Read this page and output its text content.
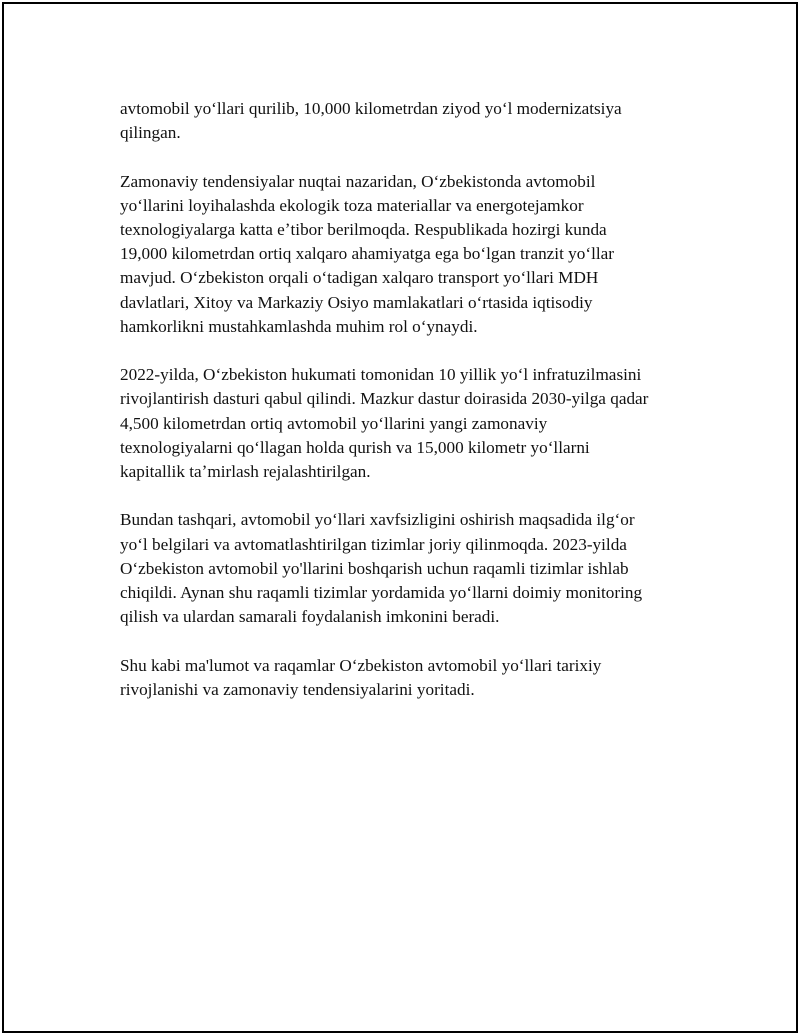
avtomobil yoʻllari qurilib, 10,000 kilometrdan ziyod yoʻl modernizatsiya
qilingan.

Zamonaviy tendensiyalar nuqtai nazaridan, Oʻzbekistonda avtomobil
yoʻllarini loyihalashda ekologik toza materiallar va energotejamkor
texnologiyalarga katta eʼtibor berilmoqda. Respublikada hozirgi kunda
19,000 kilometrdan ortiq xalqaro ahamiyatga ega boʻlgan tranzit yoʻllar
mavjud. Oʻzbekiston orqali oʻtadigan xalqaro transport yoʻllari MDH
davlatlari, Xitoy va Markaziy Osiyo mamlakatlari oʻrtasida iqtisodiy
hamkorlikni mustahkamlashda muhim rol oʻynaydi.

2022-yilda, Oʻzbekiston hukumati tomonidan 10 yillik yoʻl infratuzilmasini
rivojlantirish dasturi qabul qilindi. Mazkur dastur doirasida 2030-yilga qadar
4,500 kilometrdan ortiq avtomobil yoʻllarini yangi zamonaviy
texnologiyalarni qoʻllagan holda qurish va 15,000 kilometr yoʻllarni
kapitallik taʼmirlash rejalashtirilgan.

Bundan tashqari, avtomobil yoʻllari xavfsizligini oshirish maqsadida ilgʻor
yoʻl belgilari va avtomatlashtirilgan tizimlar joriy qilinmoqda. 2023-yilda
Oʻzbekiston avtomobil yo'llarini boshqarish uchun raqamli tizimlar ishlab
chiqildi. Aynan shu raqamli tizimlar yordamida yoʻllarni doimiy monitoring
qilish va ulardan samarali foydalanish imkonini beradi.

Shu kabi ma'lumot va raqamlar Oʻzbekiston avtomobil yoʻllari tarixiy
rivojlanishi va zamonaviy tendensiyalarini yoritadi.
